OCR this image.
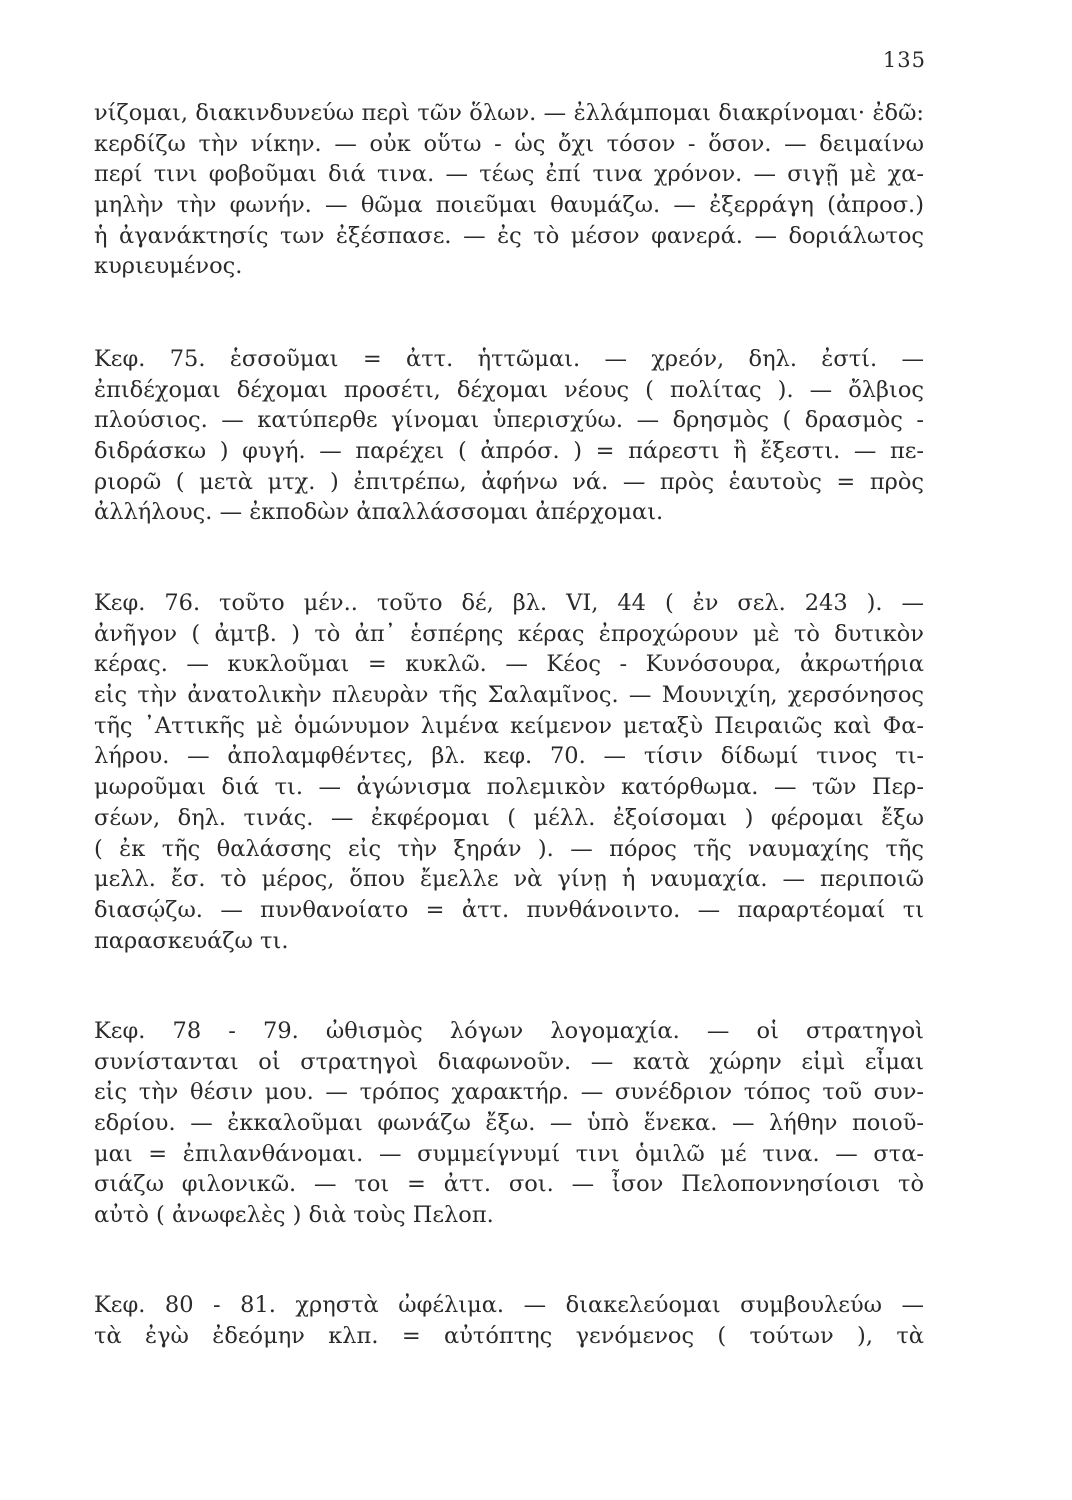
135
νίζομαι, διακινδυνεύω περὶ τῶν ὅλων. — ἐλλάμπομαι διακρίνομαι· ἐδῶ:
κερδίζω τὴν νίκην. — οὐκ οὕτω - ὡς ὄχι τόσον - ὅσον. — δειμαίνω
περί τινι φοβοῦμαι διά τινα. — τέως ἐπί τινα χρόνον. — σιγῇ μὲ χα-
μηλὴν τὴν φωνήν. — θῶμα ποιεῦμαι θαυμάζω. — ἐξερράγη (ἀπροσ.)
ἡ ἀγανάκτησίς των ἐξέσπασε. — ἐς τὸ μέσον φανερά. — δοριάλωτος
κυριευμένος.
Κεφ. 75. ἑσσοῦμαι = ἀττ. ἡττῶμαι. — χρεόν, δηλ. ἐστί. —
ἐπιδέχομαι δέχομαι προσέτι, δέχομαι νέους ( πολίτας ). — ὄλβιος
πλούσιος. — κατύπερθε γίνομαι ὑπερισχύω. — δρησμὸς ( δρασμὸς -
διδράσκω ) φυγή. — παρέχει ( ἀπρόσ. ) = πάρεστι ἢ ἔξεστι. — πε-
ριορῶ ( μετὰ μτχ. ) ἐπιτρέπω, ἀφήνω νά. — πρὸς ἑαυτοὺς = πρὸς
ἀλλήλους. — ἐκποδὼν ἀπαλλάσσομαι ἀπέρχομαι.
Κεφ. 76. τοῦτο μέν.. τοῦτο δέ, βλ. VI, 44 ( ἐν σελ. 243 ). —
ἀνῆγον ( ἀμτβ. ) τὸ ἀπ᾽ ἑσπέρης κέρας ἐπροχώρουν μὲ τὸ δυτικὸν
κέρας. — κυκλοῦμαι = κυκλῶ. — Κέος - Κυνόσουρα, ἀκρωτήρια
εἰς τὴν ἀνατολικὴν πλευρὰν τῆς Σαλαμῖνος. — Μουνιχίη, χερσόνησος
τῆς ᾿Αττικῆς μὲ ὁμώνυμον λιμένα κείμενον μεταξὺ Πειραιῶς καὶ Φα-
λήρου. — ἀπολαμφθέντες, βλ. κεφ. 70. — τίσιν δίδωμί τινος τι-
μωροῦμαι διά τι. — ἀγώνισμα πολεμικὸν κατόρθωμα. — τῶν Περ-
σέων, δηλ. τινάς. — ἐκφέρομαι ( μέλλ. ἐξοίσομαι ) φέρομαι ἔξω
( ἐκ τῆς θαλάσσης εἰς τὴν ξηράν ). — πόρος τῆς ναυμαχίης τῆς
μελλ. ἔσ. τὸ μέρος, ὅπου ἔμελλε νὰ γίνῃ ἡ ναυμαχία. — περιποιῶ
διασῴζω. — πυνθανοίατο = ἀττ. πυνθάνοιντο. — παραρτέομαί τι
παρασκευάζω τι.
Κεφ. 78 - 79. ὠθισμὸς λόγων λογομαχία. — οἱ στρατηγοὶ
συνίστανται οἱ στρατηγοὶ διαφωνοῦν. — κατὰ χώρην εἰμὶ εἶμαι
εἰς τὴν θέσιν μου. — τρόπος χαρακτήρ. — συνέδριον τόπος τοῦ συν-
εδρίου. — ἐκκαλοῦμαι φωνάζω ἔξω. — ὑπὸ ἕνεκα. — λήθην ποιοῦ-
μαι = ἐπιλανθάνομαι. — συμμείγνυμί τινι ὁμιλῶ μέ τινα. — στα-
σιάζω φιλονικῶ. — τοι = ἀττ. σοι. — ἶσον Πελοποννησίοισι τὸ
αὐτὸ ( ἀνωφελὲς ) διὰ τοὺς Πελοπ.
Κεφ. 80 - 81. χρηστὰ ὠφέλιμα. — διακελεύομαι συμβουλεύω —
τὰ ἐγὼ ἐδεόμην κλπ. = αὐτόπτης γενόμενος ( τούτων ), τὰ
